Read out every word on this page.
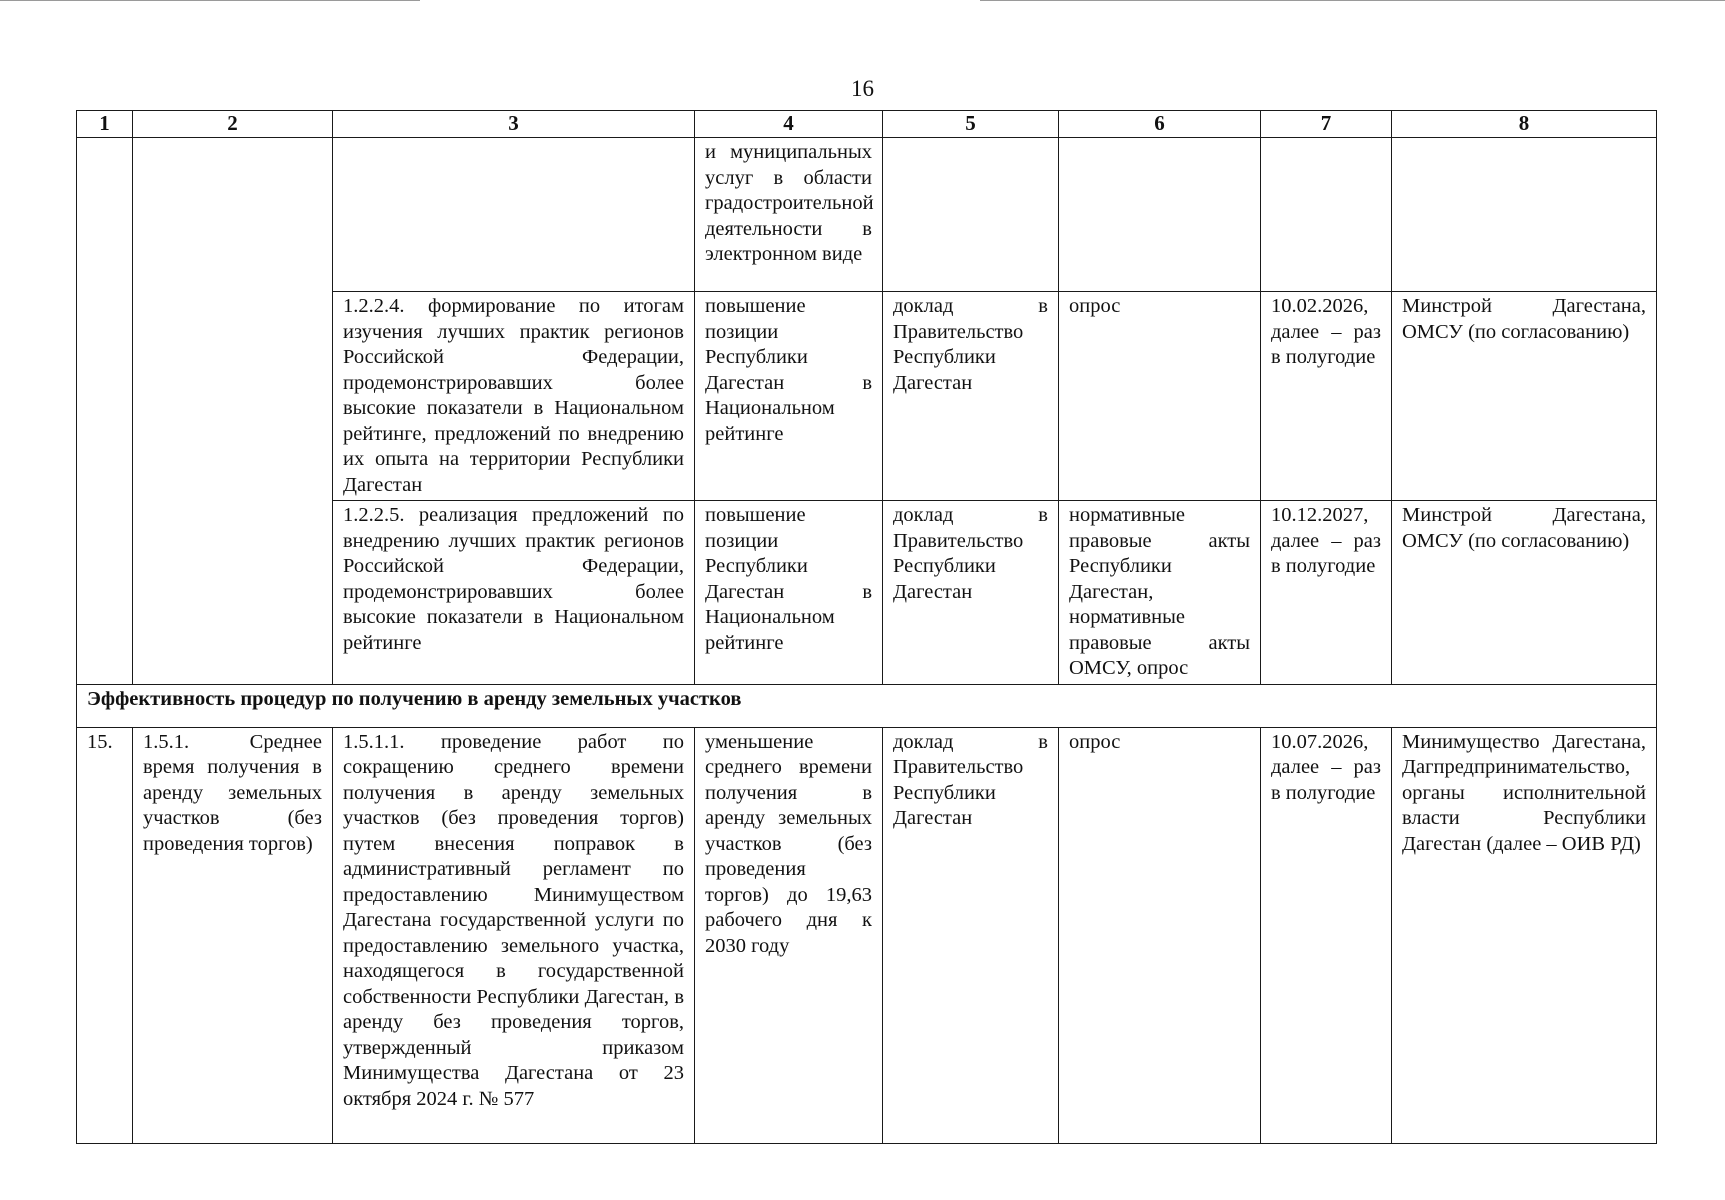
16
1	2	3	4	5	6	7	8
			и муниципальных услуг в области градостроительной деятельности в электронном виде				
		1.2.2.4. формирование по итогам изучения лучших практик регионов Российской Федерации, продемонстрировавших более высокие показатели в Национальном рейтинге, предложений по внедрению их опыта на территории Республики Дагестан	повышение позиции Республики Дагестан в Национальном рейтинге	доклад в Правительство Республики Дагестан	опрос	10.02.2026, далее – раз в полугодие	Минстрой Дагестана, ОМСУ (по согласованию)
		1.2.2.5. реализация предложений по внедрению лучших практик регионов Российской Федерации, продемонстрировавших более высокие показатели в Национальном рейтинге	повышение позиции Республики Дагестан в Национальном рейтинге	доклад в Правительство Республики Дагестан	нормативные правовые акты Республики Дагестан, нормативные правовые акты ОМСУ, опрос	10.12.2027, далее – раз в полугодие	Минстрой Дагестана, ОМСУ (по согласованию)
Эффективность процедур по получению в аренду земельных участков							
15.	1.5.1. Среднее время получения в аренду земельных участков (без проведения торгов)	1.5.1.1. проведение работ по сокращению среднего времени получения в аренду земельных участков (без проведения торгов) путем внесения поправок в административный регламент по предоставлению Минимуществом Дагестана государственной услуги по предоставлению земельного участка, находящегося в государственной собственности Республики Дагестан, в аренду без проведения торгов, утвержденный приказом Минимущества Дагестана от 23 октября 2024 г. № 577	уменьшение среднего времени получения в аренду земельных участков (без проведения торгов) до 19,63 рабочего дня к 2030 году	доклад в Правительство Республики Дагестан	опрос	10.07.2026, далее – раз в полугодие	Минимущество Дагестана, Дагпредпринимательство, органы исполнительной власти Республики Дагестан (далее – ОИВ РД)
